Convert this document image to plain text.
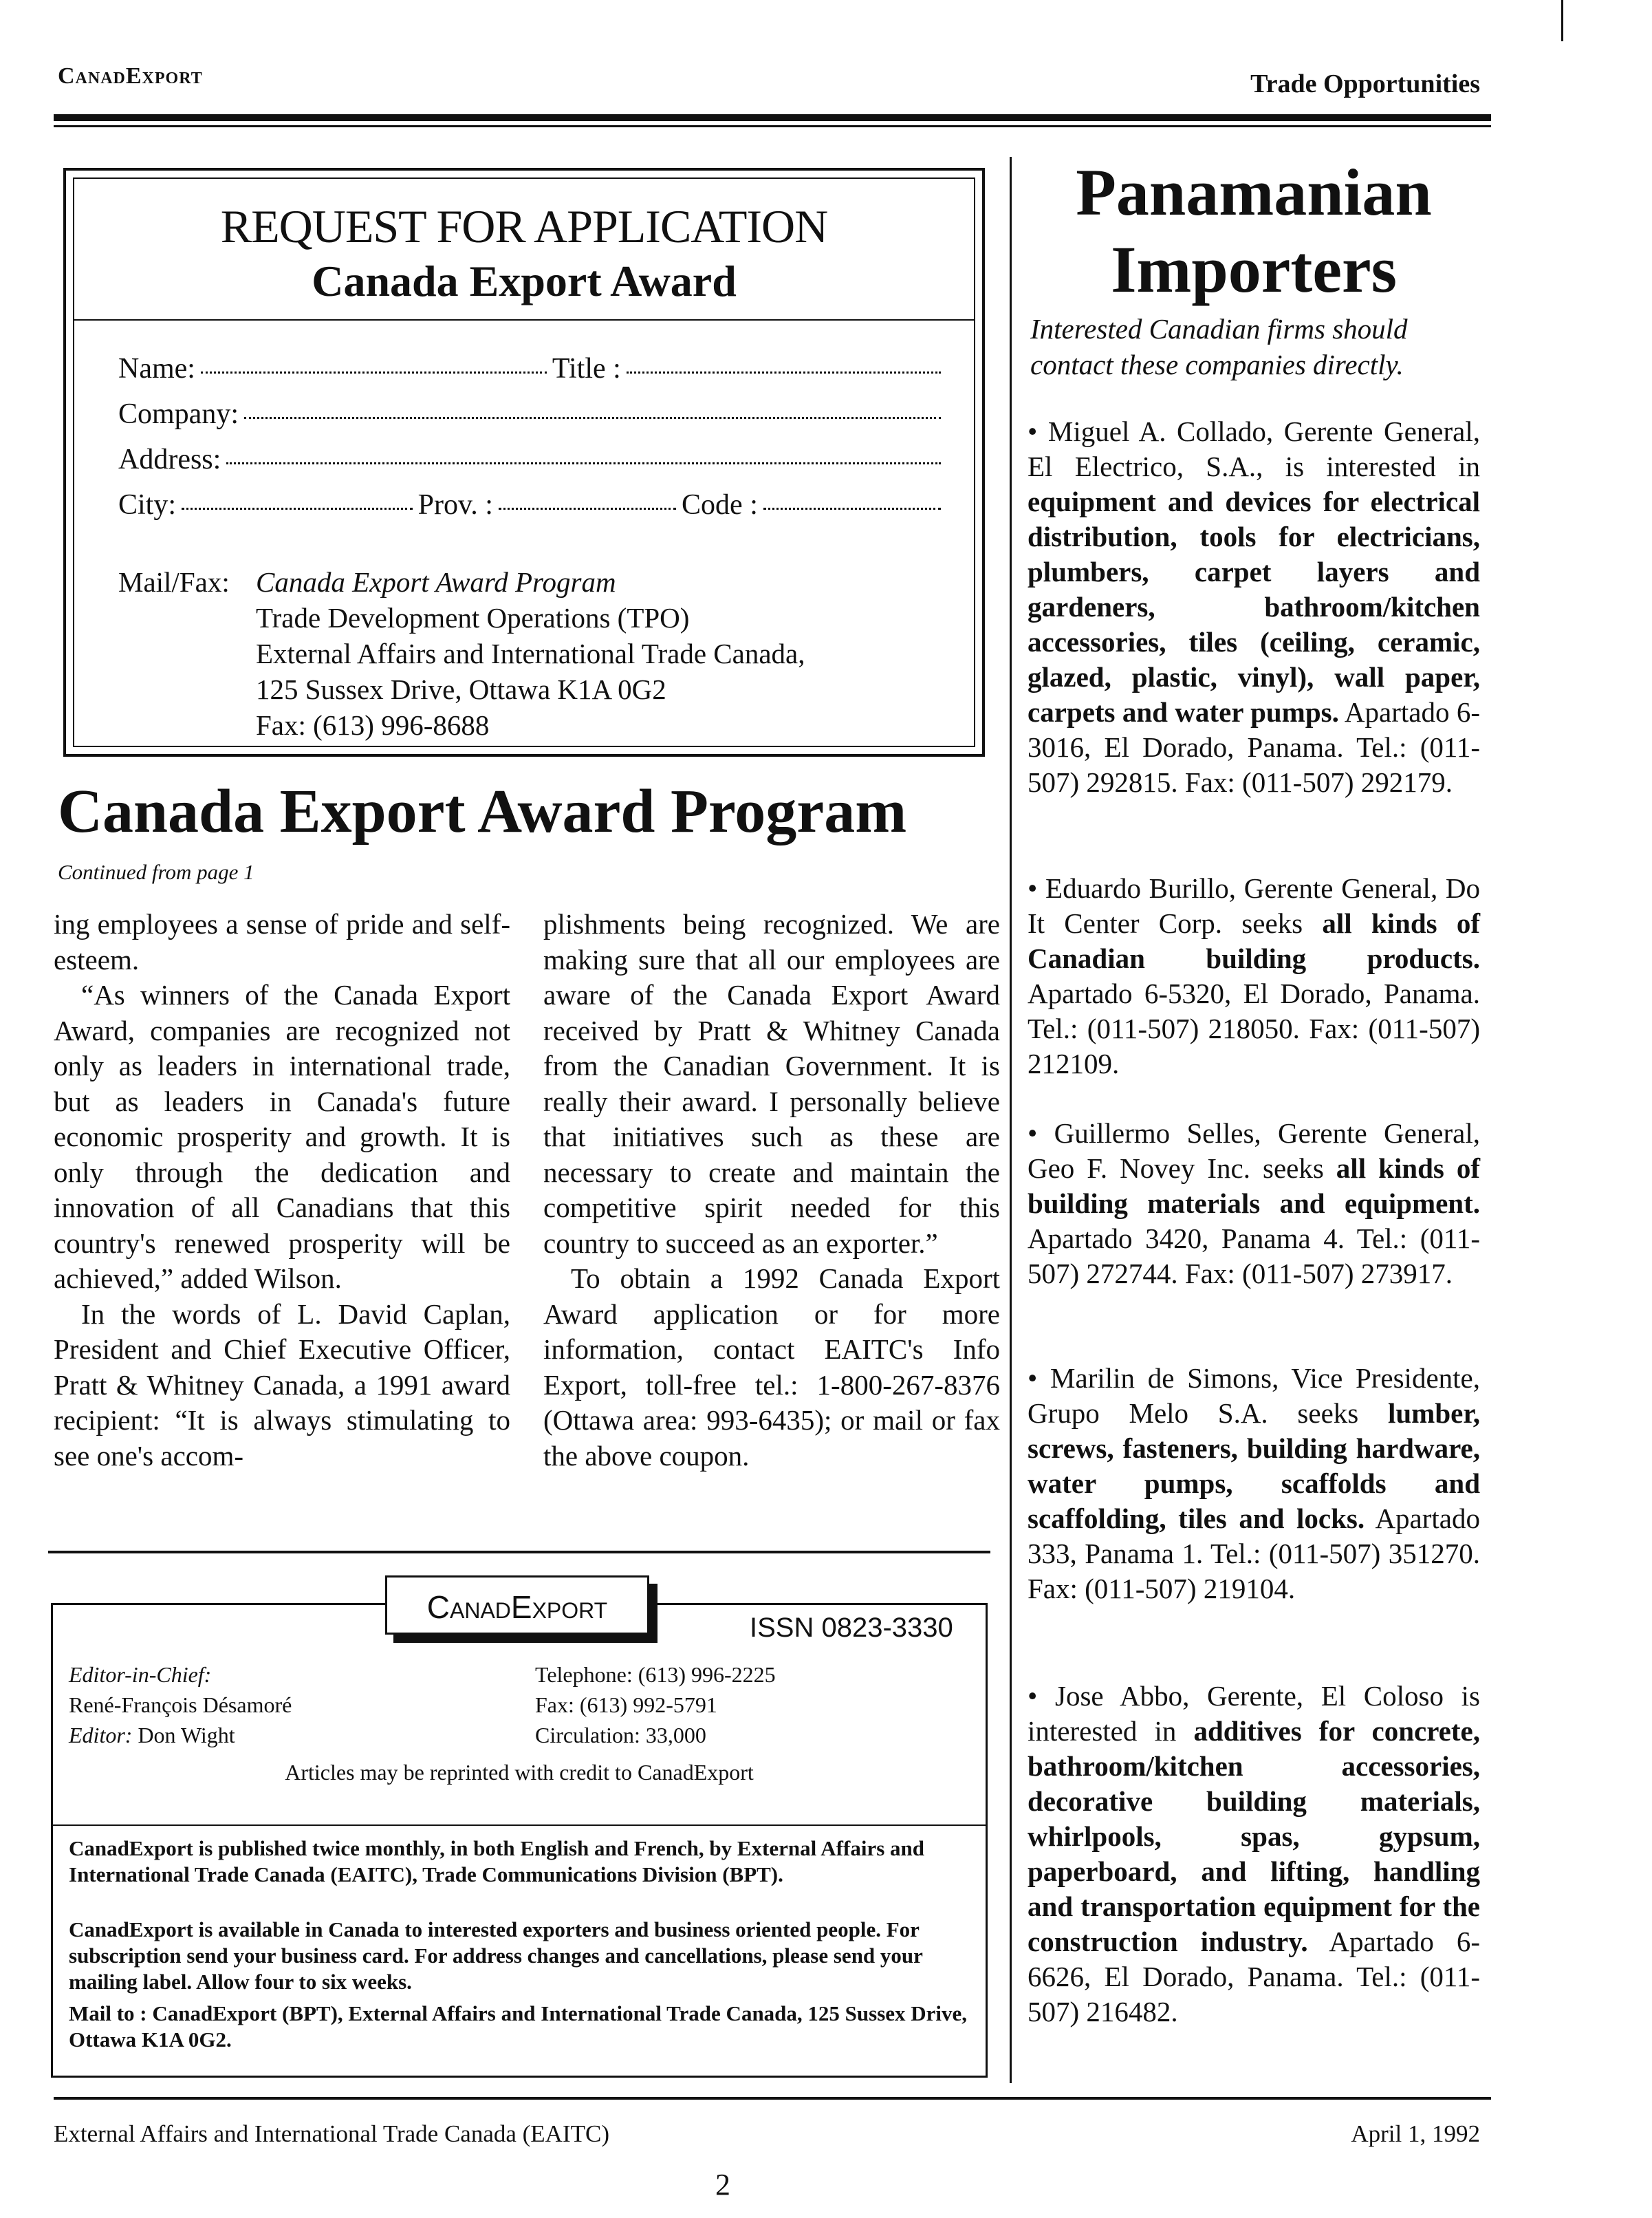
CanadExport	Trade Opportunities
REQUEST FOR APPLICATION
Canada Export Award
Name:	Title :
Company:
Address:
City:	Prov. :	Code :
Mail/Fax: Canada Export Award Program
Trade Development Operations (TPO)
External Affairs and International Trade Canada,
125 Sussex Drive, Ottawa K1A 0G2
Fax: (613) 996-8688
Canada Export Award Program
Continued from page 1

ing employees a sense of pride and self-esteem.

“As winners of the Canada Export Award, companies are recognized not only as leaders in international trade, but as leaders in Canada's future economic prosperity and growth. It is only through the dedication and innovation of all Canadians that this country's renewed prosperity will be achieved,” added Wilson.

In the words of L. David Caplan, President and Chief Executive Officer, Pratt & Whitney Canada, a 1991 award recipient: “It is always stimulating to see one's accom-

plishments being recognized. We are making sure that all our employees are aware of the Canada Export Award received by Pratt & Whitney Canada from the Canadian Government. It is really their award. I personally believe that initiatives such as these are necessary to create and maintain the competitive spirit needed for this country to succeed as an exporter.”

To obtain a 1992 Canada Export Award application or for more information, contact EAITC's Info Export, toll-free tel.: 1-800-267-8376 (Ottawa area: 993-6435); or mail or fax the above coupon.

CanadExport
ISSN 0823-3330
Editor-in-Chief:
René-François Désamoré
Editor: Don Wight
Telephone: (613) 996-2225
Fax: (613) 992-5791
Circulation: 33,000
Articles may be reprinted with credit to CanadExport
CanadExport is published twice monthly, in both English and French, by External Affairs and International Trade Canada (EAITC), Trade Communications Division (BPT).
CanadExport is available in Canada to interested exporters and business oriented people. For subscription send your business card. For address changes and cancellations, please send your mailing label. Allow four to six weeks.
Mail to : CanadExport (BPT), External Affairs and International Trade Canada, 125 Sussex Drive, Ottawa K1A 0G2.
Panamanian
Importers
Interested Canadian firms should contact these companies directly.

• Miguel A. Collado, Gerente General, El Electrico, S.A., is interested in equipment and devices for electrical distribution, tools for electricians, plumbers, carpet layers and gardeners, bathroom/kitchen accessories, tiles (ceiling, ceramic, glazed, plastic, vinyl), wall paper, carpets and water pumps. Apartado 6-3016, El Dorado, Panama. Tel.: (011-507) 292815. Fax: (011-507) 292179.

• Eduardo Burillo, Gerente General, Do It Center Corp. seeks all kinds of Canadian building products. Apartado 6-5320, El Dorado, Panama. Tel.: (011-507) 218050. Fax: (011-507) 212109.

• Guillermo Selles, Gerente General, Geo F. Novey Inc. seeks all kinds of building materials and equipment. Apartado 3420, Panama 4. Tel.: (011-507) 272744. Fax: (011-507) 273917.

• Marilin de Simons, Vice Presidente, Grupo Melo S.A. seeks lumber, screws, fasteners, building hardware, water pumps, scaffolds and scaffolding, tiles and locks. Apartado 333, Panama 1. Tel.: (011-507) 351270. Fax: (011-507) 219104.

• Jose Abbo, Gerente, El Coloso is interested in additives for concrete, bathroom/kitchen accessories, decorative building materials, whirlpools, spas, gypsum, paperboard, and lifting, handling and transportation equipment for the construction industry. Apartado 6-6626, El Dorado, Panama. Tel.: (011-507) 216482.

External Affairs and International Trade Canada (EAITC)	April 1, 1992
2
